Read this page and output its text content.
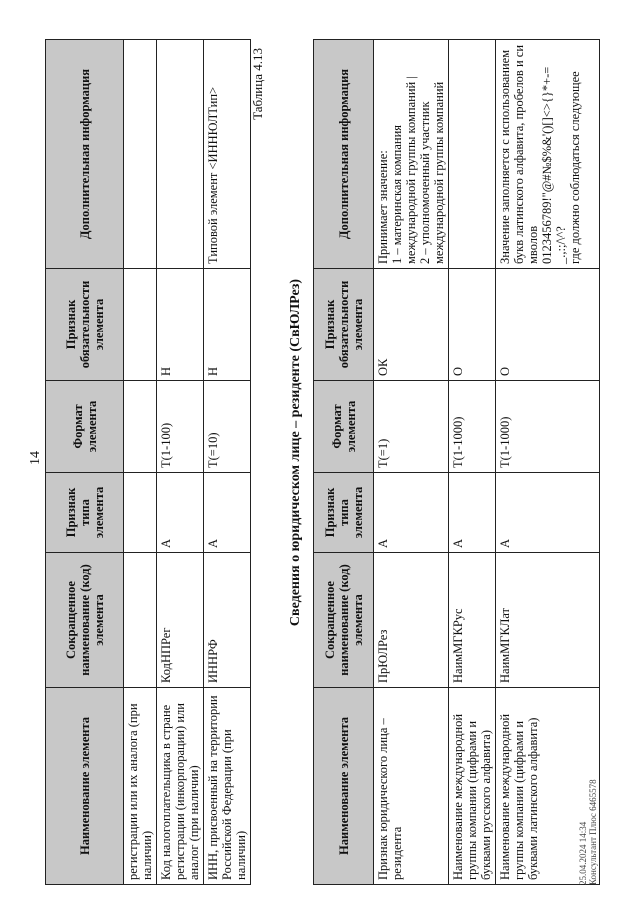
14
Наименование элемента	Сокращенное наименование (код) элемента	Признак типа элемента	Формат элемента	Признак обязательности элемента	Дополнительная информация
регистрации или их аналога (при наличии)					
Код налогоплательщика в стране регистрации (инкорпорации) или аналог (при наличии)	КодНПРег	А	T(1-100)	Н	
ИНН, присвоенный на территории Российской Федерации (при наличии)	ИННРФ	А	T(=10)	Н	Типовой элемент <ИННЮЛТип>
Таблица 4.13
Сведения о юридическом лице – резиденте (СвЮЛРез)
Наименование элемента	Сокращенное наименование (код) элемента	Признак типа элемента	Формат элемента	Признак обязательности элемента	Дополнительная информация
Признак юридического лица – резидента	ПрЮЛРез	А	T(=1)	ОК	Принимает значение:
1 – материнская компания международной группы компаний |
2 – уполномоченный участник международной группы компаний
Наименование международной группы компании (цифрами и буквами русского алфавита)	НаимМГКРус	А	T(1-1000)	О	
Наименование международной группы компании (цифрами и буквами латинского алфавита)	НаимМГКЛат	А	T(1-1000)	О	Значение заполняется с использованием букв латинского алфавита, пробелов и символов
0123456789!"@#№$%&'()[]<>{}*+-=_.,:;/\^?
где должно соблюдаться следующее
25.04.2024 14:34 Консультант Плюс 6465578
